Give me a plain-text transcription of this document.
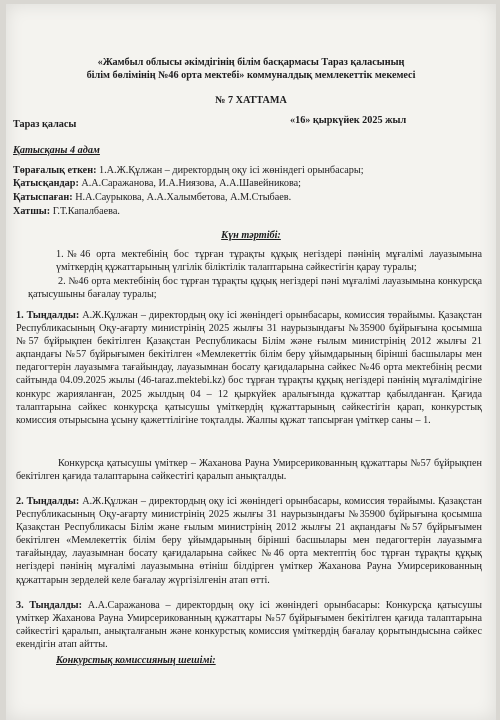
«Жамбыл облысы әкімдігінің білім басқармасы Тараз қаласының
білім бөлімінің №46 орта мектебі» коммуналдық мемлекеттік мекемесі
№ 7 ХАТТАМА
Тараз қаласы	«16» қыркүйек 2025 жыл
Қатысқаны 4 адам
Төрағалық еткен: 1.А.Ж.Құлжан – директордың оқу ісі жөніндегі орынбасары;
Қатысқандар: А.А.Саражанова, И.А.Ниязова, А.А.Шавейникова;
Қатыспаған: Н.А.Саурыкова, А.А.Халымбетова, А.М.Стыбаев.
Хатшы: Г.Т.Капалбаева.
Күн тәртібі:
1.№46 орта мектебінің бос тұрған тұрақты құқық негіздері пәнінің мұғалімі лауазымына үміткердің құжаттарының үлгілік біліктілік талаптарына сәйкестігін қарау туралы;
2. №46 орта мектебінің бос тұрған тұрақты құқық негіздері пәні мұғалімі лауазымына конкурсқа қатысушыны бағалау туралы;

1. Тыңдалды: А.Ж.Құлжан – директордың оқу ісі жөніндегі орынбасары, комиссия төрайымы. Қазақстан Республикасының Оқу-ағарту министрінің 2025 жылғы 31 наурызындағы №35900 бұйрығына қосымша №57 бұйрықпен бекітілген Қазақстан Республикасы Білім және ғылым министрінің 2012 жылғы 21 ақпандағы №57 бұйрығымен бекітілген «Мемлекеттік білім беру ұйымдарының бірінші басшылары мен педагогтерін лауазымға тағайындау, лауазымнан босату қағидаларына сәйкес №46 орта мектебінің ресми сайтында 04.09.2025 жылы (46-taraz.mektebi.kz) бос тұрған тұрақты құқық негіздері пәнінің мұғалімдігіне конкурс жарияланған, 2025 жылдың 04 – 12 қыркүйек аралығында құжаттар қабылданған. Қағида талаптарына сәйкес конкурсқа қатысушы үміткердің құжаттарының сәйкестігін қарап, конкурстық комиссия отырысына ұсыну қажеттілігіне тоқталды. Жалпы құжат тапсырған үміткер саны – 1.

Конкурсқа қатысушы үміткер – Жаханова Рауна Умирсерикованның құжаттары №57 бұйрықпен бекітілген қағида талаптарына сәйкестігі қаралып анықталды.

2. Тыңдалды: А.Ж.Құлжан – директордың оқу ісі жөніндегі орынбасары, комиссия төрайымы. Қазақстан Республикасының Оқу-ағарту министрінің 2025 жылғы 31 наурызындағы №35900 бұйрығына қосымша Қазақстан Республикасы Білім және ғылым министрінің 2012 жылғы 21 ақпандағы №57 бұйрығымен бекітілген «Мемлекеттік білім беру ұйымдарының бірінші басшылары мен педагогтерін лауазымға тағайындау, лауазымнан босату қағидаларына сәйкес №46 орта мектептің бос тұрған тұрақты құқық негіздері пәнінің мұғалімі лауазымына өтініш білдірген үміткер Жаханова Рауна Умирсерикованның құжаттарын зерделей келе бағалау жүргізілгенін атап өтті.

3. Тыңдалды: А.А.Саражанова – директордың оқу ісі жөніндегі орынбасары: Конкурсқа қатысушы үміткер Жаханова Рауна Умирсерикованның құжаттары №57 бұйрығымен бекітілген қағида талаптарына сәйкестігі қаралып, анықталғанын және конкурстық комиссия үміткердің бағалау қорытындысына сәйкес екендігін атап айтты.

Конкурстық комиссияның шешімі:
